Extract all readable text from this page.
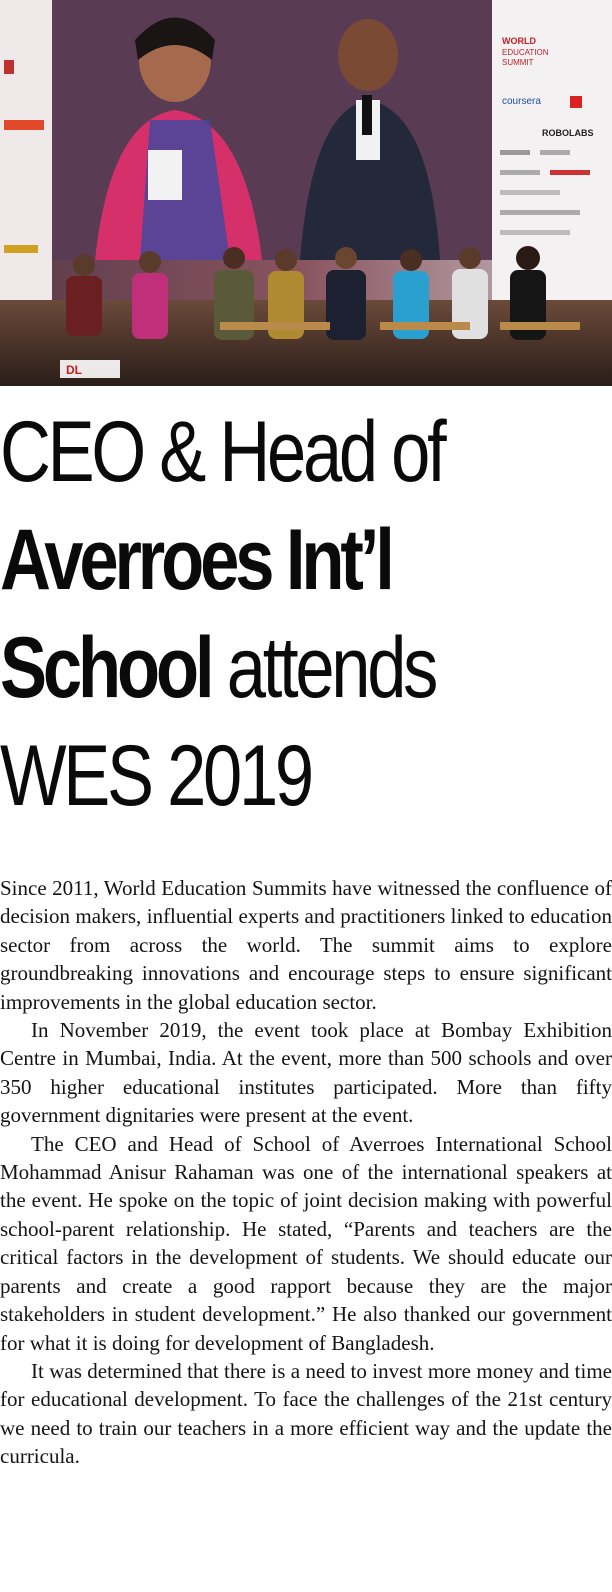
WORLD
EDUCATION
SUMMIT
coursera
ROBOLABS
DL
CEO & Head of
Averroes Int’l
School attends
WES 2019

Since 2011, World Education Summits have witnessed the confluence of decision makers, influential experts and practitioners linked to education sector from across the world. The summit aims to explore groundbreaking innovations and encourage steps to ensure significant improvements in the global education sector.

In November 2019, the event took place at Bombay Exhibition Centre in Mumbai, India. At the event, more than 500 schools and over 350 higher educational institutes participated. More than fifty government dignitaries were present at the event.

The CEO and Head of School of Averroes International School Mohammad Anisur Rahaman was one of the international speakers at the event. He spoke on the topic of joint decision making with powerful school-parent relationship. He stated, “Parents and teachers are the critical factors in the development of students. We should educate our parents and create a good rapport because they are the major stakeholders in student development.” He also thanked our government for what it is doing for development of Bangladesh.

It was determined that there is a need to invest more money and time for educational development. To face the challenges of the 21st century we need to train our teachers in a more efficient way and the update the curricula.
